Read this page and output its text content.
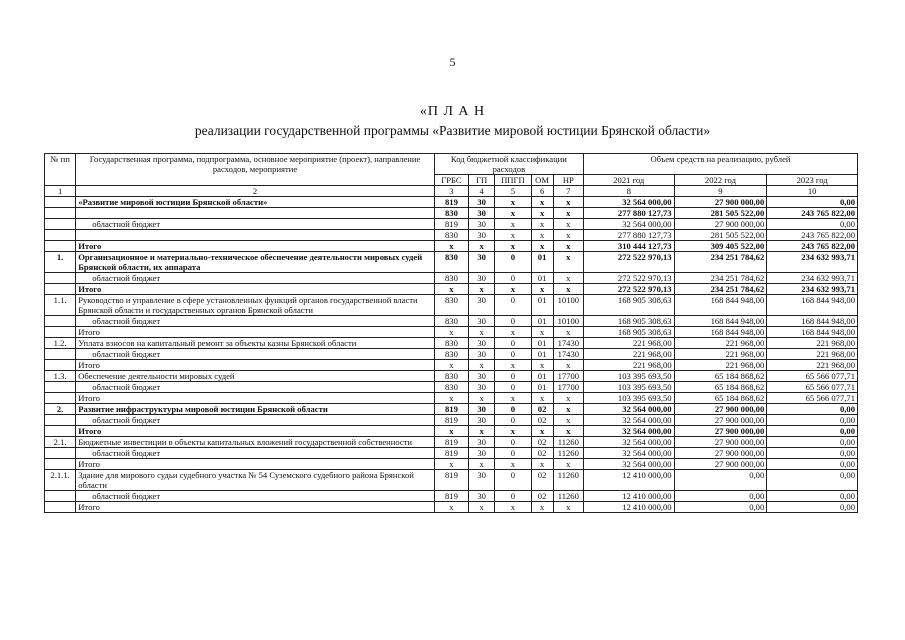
5
«П Л А Н
реализации государственной программы «Развитие мировой юстиции Брянской области»
№ пп	Государственная программа, подпрограмма, основное мероприятие (проект), направление расходов, мероприятие	Код бюджетной классификации расходов					Объем средств на реализацию, рублей		
		ГРБС	ГП	ППГП	ОМ	НР	2021 год	2022 год	2023 год
1	2	3	4	5	6	7	8	9	10
	«Развитие мировой юстиции Брянской области»	819	30	х	х	х	32 564 000,00	27 900 000,00	0,00
		830	30	х	х	х	277 880 127,73	281 505 522,00	243 765 822,00
	областной бюджет	819	30	х	х	х	32 564 000,00	27 900 000,00	0,00
		830	30	х	х	х	277 880 127,73	281 505 522,00	243 765 822,00
	Итого	х	х	х	х	х	310 444 127,73	309 405 522,00	243 765 822,00
1.	Организационное и материально-техническое обеспечение деятельности мировых судей Брянской области, их аппарата	830	30	0	01	х	272 522 970,13	234 251 784,62	234 632 993,71
	областной бюджет	830	30	0	01	х	272 522 970,13	234 251 784,62	234 632 993,71
	Итого	х	х	х	х	х	272 522 970,13	234 251 784,62	234 632 993,71
1.1.	Руководство и управление в сфере установленных функций органов государственной власти Брянской области и государственных органов Брянской области	830	30	0	01	10100	168 905 308,63	168 844 948,00	168 844 948,00
	областной бюджет	830	30	0	01	10100	168 905 308,63	168 844 948,00	168 844 948,00
	Итого	х	х	х	х	х	168 905 308,63	168 844 948,00	168 844 948,00
1.2.	Уплата взносов на капитальный ремонт за объекты казны Брянской области	830	30	0	01	17430	221 968,00	221 968,00	221 968,00
	областной бюджет	830	30	0	01	17430	221 968,00	221 968,00	221 968,00
	Итого	х	х	х	х	х	221 968,00	221 968,00	221 968,00
1.3.	Обеспечение деятельности мировых судей	830	30	0	01	17700	103 395 693,50	65 184 868,62	65 566 077,71
	областной бюджет	830	30	0	01	17700	103 395 693,50	65 184 868,62	65 566 077,71
	Итого	х	х	х	х	х	103 395 693,50	65 184 868,62	65 566 077,71
2.	Развитие инфраструктуры мировой юстиции Брянской области	819	30	0	02	х	32 564 000,00	27 900 000,00	0,00
	областной бюджет	819	30	0	02	х	32 564 000,00	27 900 000,00	0,00
	Итого	х	х	х	х	х	32 564 000,00	27 900 000,00	0,00
2.1.	Бюджетные инвестиции в объекты капитальных вложений государственной собственности	819	30	0	02	11260	32 564 000,00	27 900 000,00	0,00
	областной бюджет	819	30	0	02	11260	32 564 000,00	27 900 000,00	0,00
	Итого	х	х	х	х	х	32 564 000,00	27 900 000,00	0,00
2.1.1.	Здание для мирового судьи судебного участка № 54 Суземского судебного района Брянской области	819	30	0	02	11260	12 410 000,00	0,00	0,00
	областной бюджет	819	30	0	02	11260	12 410 000,00	0,00	0,00
	Итого	х	х	х	х	х	12 410 000,00	0,00	0,00
